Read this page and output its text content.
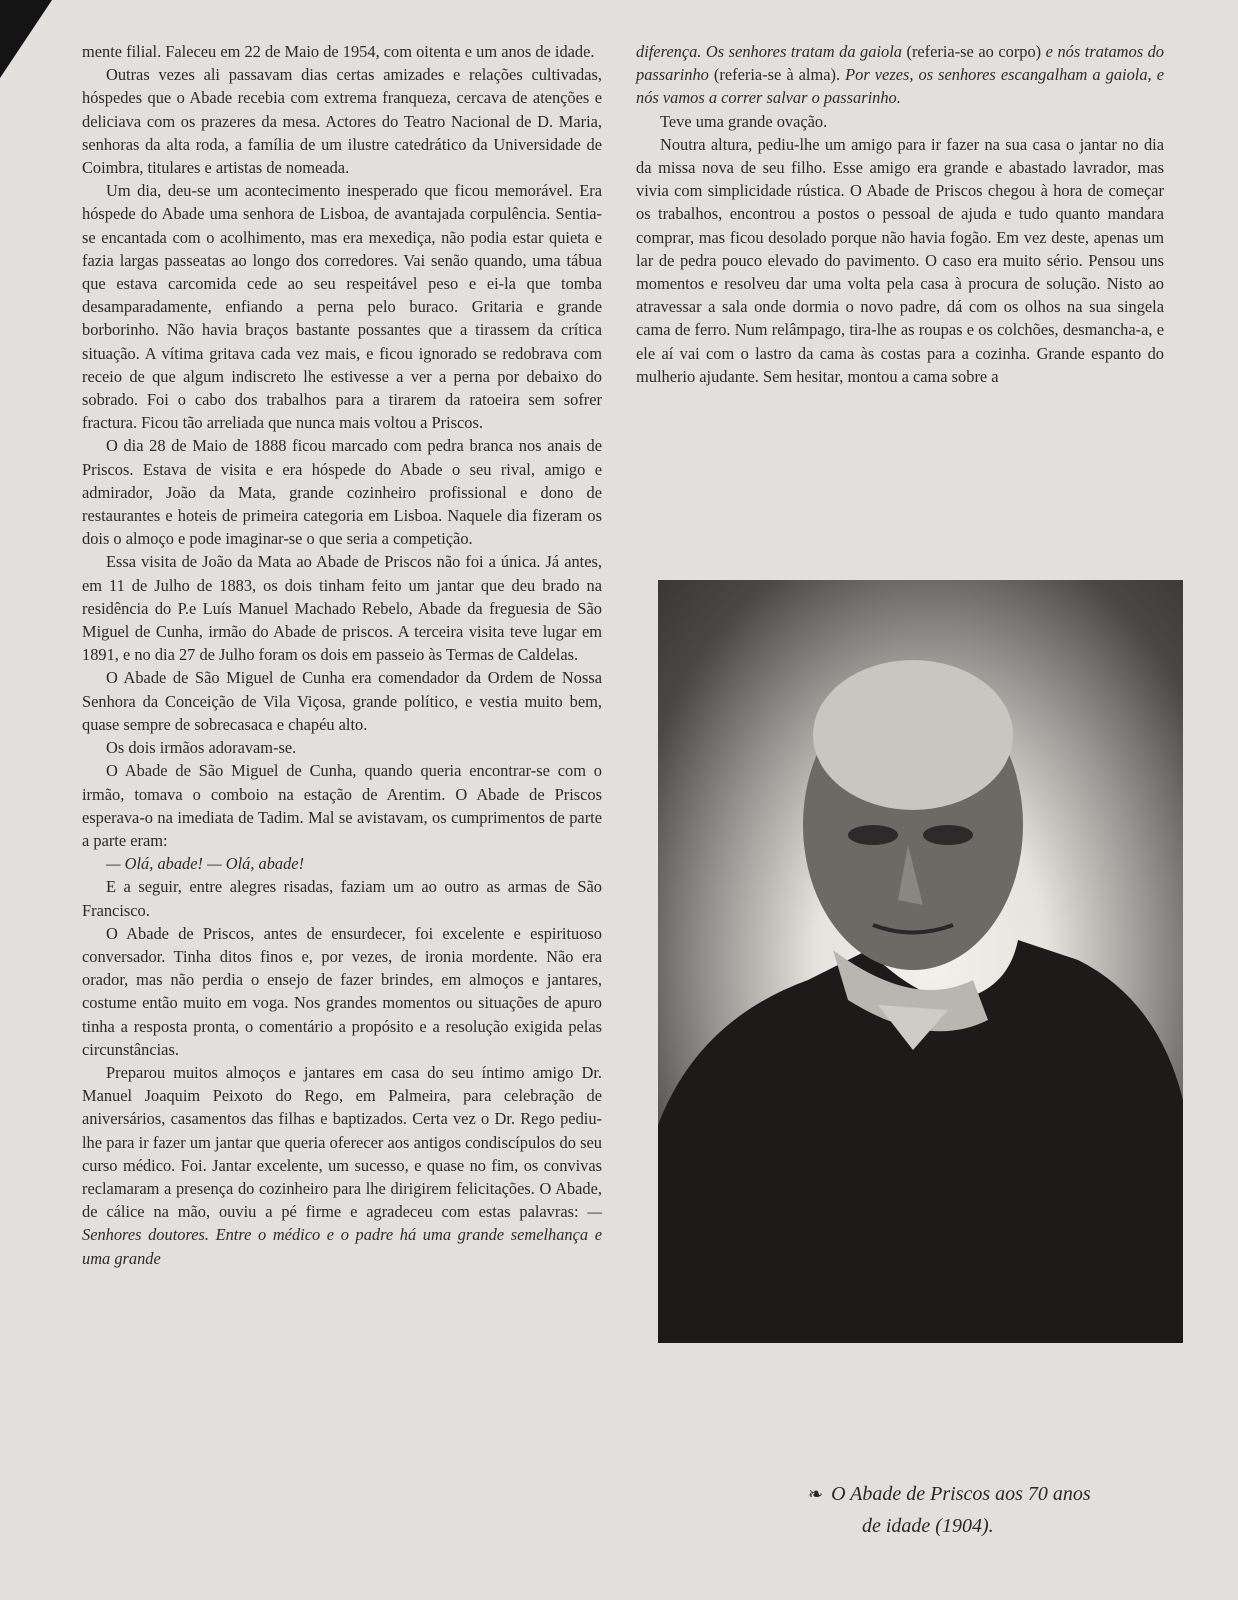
mente filial. Faleceu em 22 de Maio de 1954, com oitenta e um anos de idade.

Outras vezes ali passavam dias certas amizades e relações cultivadas, hóspedes que o Abade recebia com extrema franqueza, cercava de atenções e deliciava com os prazeres da mesa. Actores do Teatro Nacional de D. Maria, senhoras da alta roda, a família de um ilustre catedrático da Universidade de Coimbra, titulares e artistas de nomeada.

Um dia, deu-se um acontecimento inesperado que ficou memorável. Era hóspede do Abade uma senhora de Lisboa, de avantajada corpulência. Sentia-se encantada com o acolhimento, mas era mexediça, não podia estar quieta e fazia largas passeatas ao longo dos corredores. Vai senão quando, uma tábua que estava carcomida cede ao seu respeitável peso e ei-la que tomba desamparadamente, enfiando a perna pelo buraco. Gritaria e grande borborinho. Não havia braços bastante possantes que a tirassem da crítica situação. A vítima gritava cada vez mais, e ficou ignorado se redobrava com receio de que algum indiscreto lhe estivesse a ver a perna por debaixo do sobrado. Foi o cabo dos trabalhos para a tirarem da ratoeira sem sofrer fractura. Ficou tão arreliada que nunca mais voltou a Priscos.

O dia 28 de Maio de 1888 ficou marcado com pedra branca nos anais de Priscos. Estava de visita e era hóspede do Abade o seu rival, amigo e admirador, João da Mata, grande cozinheiro profissional e dono de restaurantes e hoteis de primeira categoria em Lisboa. Naquele dia fizeram os dois o almoço e pode imaginar-se o que seria a competição.

Essa visita de João da Mata ao Abade de Priscos não foi a única. Já antes, em 11 de Julho de 1883, os dois tinham feito um jantar que deu brado na residência do P.e Luís Manuel Machado Rebelo, Abade da freguesia de São Miguel de Cunha, irmão do Abade de priscos. A terceira visita teve lugar em 1891, e no dia 27 de Julho foram os dois em passeio às Termas de Caldelas.

O Abade de São Miguel de Cunha era comendador da Ordem de Nossa Senhora da Conceição de Vila Viçosa, grande político, e vestia muito bem, quase sempre de sobrecasaca e chapéu alto.

Os dois irmãos adoravam-se.

O Abade de São Miguel de Cunha, quando queria encontrar-se com o irmão, tomava o comboio na estação de Arentim. O Abade de Priscos esperava-o na imediata de Tadim. Mal se avistavam, os cumprimentos de parte a parte eram:

— Olá, abade! — Olá, abade!

E a seguir, entre alegres risadas, faziam um ao outro as armas de São Francisco.

O Abade de Priscos, antes de ensurdecer, foi excelente e espirituoso conversador. Tinha ditos finos e, por vezes, de ironia mordente. Não era orador, mas não perdia o ensejo de fazer brindes, em almoços e jantares, costume então muito em voga. Nos grandes momentos ou situações de apuro tinha a resposta pronta, o comentário a propósito e a resolução exigida pelas circunstâncias.

Preparou muitos almoços e jantares em casa do seu íntimo amigo Dr. Manuel Joaquim Peixoto do Rego, em Palmeira, para celebração de aniversários, casamentos das filhas e baptizados. Certa vez o Dr. Rego pediu-lhe para ir fazer um jantar que queria oferecer aos antigos condiscípulos do seu curso médico. Foi. Jantar excelente, um sucesso, e quase no fim, os convivas reclamaram a presença do cozinheiro para lhe dirigirem felicitações. O Abade, de cálice na mão, ouviu a pé firme e agradeceu com estas palavras: — Senhores doutores. Entre o médico e o padre há uma grande semelhança e uma grande

diferença. Os senhores tratam da gaiola (referia-se ao corpo) e nós tratamos do passarinho (referia-se à alma). Por vezes, os senhores escangalham a gaiola, e nós vamos a correr salvar o passarinho.

Teve uma grande ovação.

Noutra altura, pediu-lhe um amigo para ir fazer na sua casa o jantar no dia da missa nova de seu filho. Esse amigo era grande e abastado lavrador, mas vivia com simplicidade rústica. O Abade de Priscos chegou à hora de começar os trabalhos, encontrou a postos o pessoal de ajuda e tudo quanto mandara comprar, mas ficou desolado porque não havia fogão. Em vez deste, apenas um lar de pedra pouco elevado do pavimento. O caso era muito sério. Pensou uns momentos e resolveu dar uma volta pela casa à procura de solução. Nisto ao atravessar a sala onde dormia o novo padre, dá com os olhos na sua singela cama de ferro. Num relâmpago, tira-lhe as roupas e os colchões, desmancha-a, e ele aí vai com o lastro da cama às costas para a cozinha. Grande espanto do mulherio ajudante. Sem hesitar, montou a cama sobre a

❧ O Abade de Priscos aos 70 anos
de idade (1904).
